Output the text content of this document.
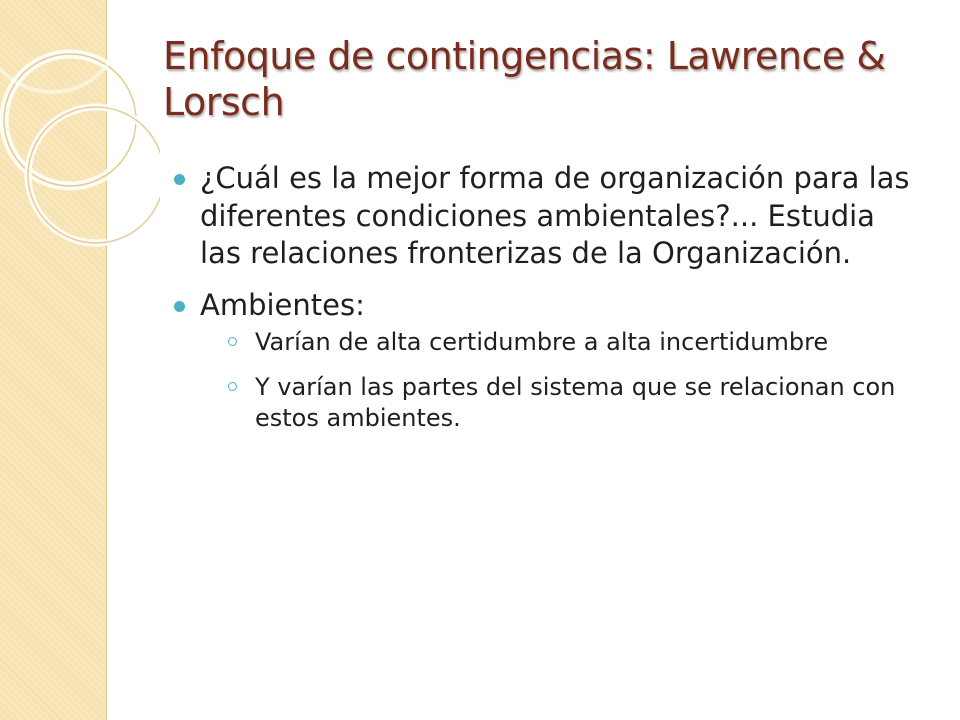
Enfoque de contingencias: Lawrence & Lorsch
¿Cuál es la mejor forma de organización para las diferentes condiciones ambientales?... Estudia las relaciones fronterizas de la Organización.
Ambientes:
Varían de alta certidumbre a alta incertidumbre
Y varían las partes del sistema que se relacionan con estos ambientes.
